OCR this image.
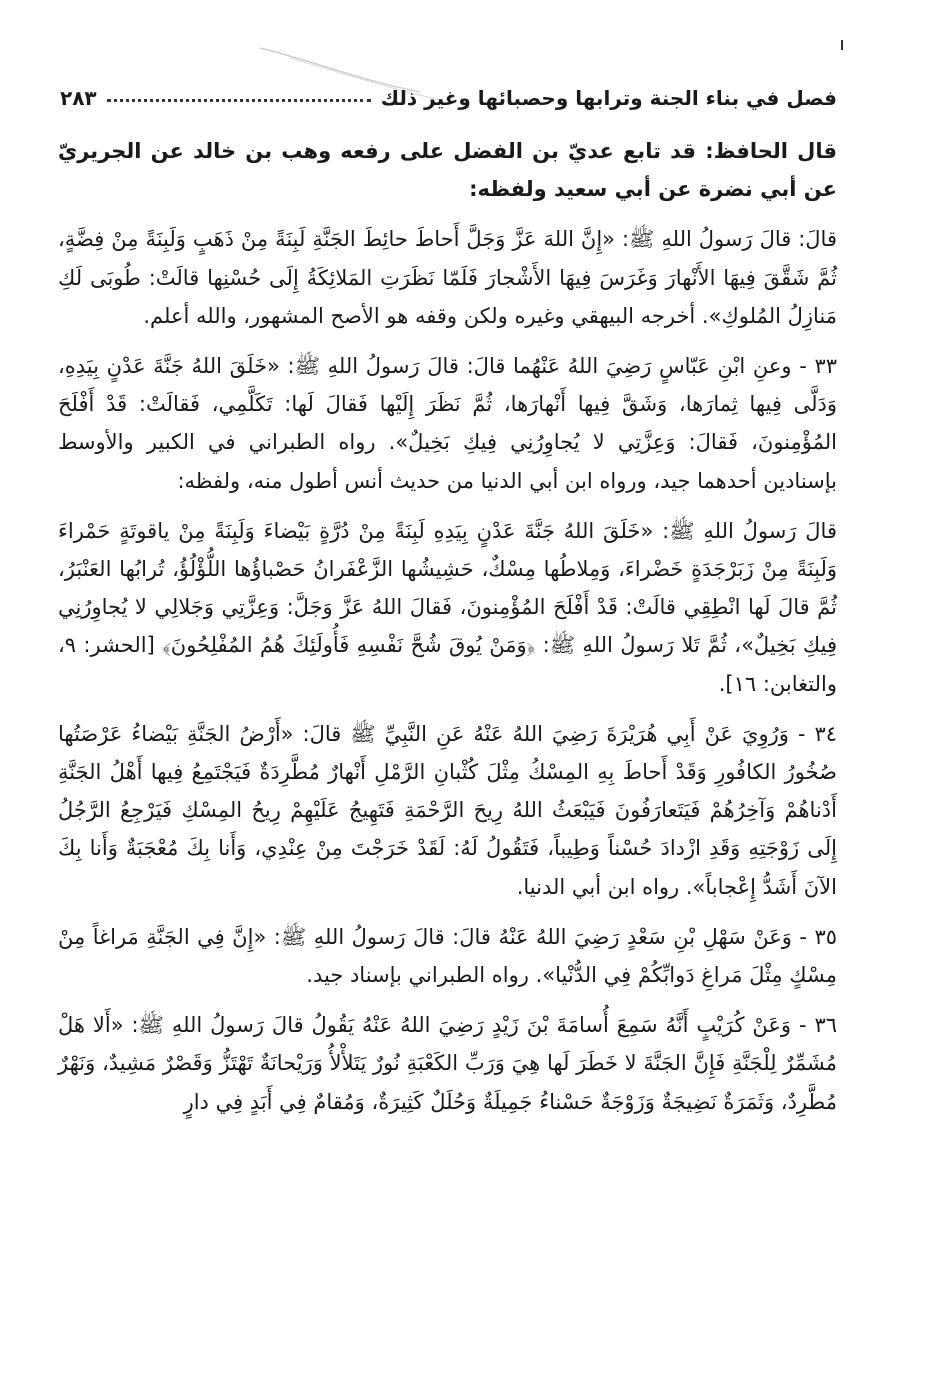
فصل في بناء الجنة وترابها وحصبائها وغير ذلك
٢٨٣

قال الحافظ: قد تابع عديّ بن الفضل على رفعه وهب بن خالد عن الجريريّ عن أبي نضرة عن أبي سعيد ولفظه:

قالَ: قالَ رَسولُ اللهِ ﷺ: «إِنَّ اللهَ عَزَّ وَجَلَّ أَحاطَ حائِطَ الجَنَّةِ لَبِنَةً مِنْ ذَهَبٍ وَلَبِنَةً مِنْ فِضَّةٍ، ثُمَّ شَقَّقَ فِيهَا الأَنْهارَ وَغَرَسَ فِيهَا الأَشْجارَ فَلَمّا نَظَرَتِ المَلائِكَةُ إِلَى حُسْنِها قالَتْ: طُوبَى لَكِ مَنازِلُ المُلوكِ». أخرجه البيهقي وغيره ولكن وقفه هو الأصح المشهور، والله أعلم.

٣٣ - وعنِ ابْنِ عَبّاسٍ رَضِيَ اللهُ عَنْهُما قالَ: قالَ رَسولُ اللهِ ﷺ: «خَلَقَ اللهُ جَنَّةَ عَدْنٍ بِيَدِهِ، وَدَلَّى فِيها ثِمارَها، وَشَقَّ فِيها أَنْهارَها، ثُمَّ نَظَرَ إِلَيْها فَقالَ لَها: تَكَلَّمِي، فَقالَتْ: قَدْ أَفْلَحَ المُؤْمِنونَ، فَقالَ: وَعِزَّتِي لا يُجاوِرُنِي فِيكِ بَخِيلٌ». رواه الطبراني في الكبير والأوسط بإسنادين أحدهما جيد، ورواه ابن أبي الدنيا من حديث أنس أطول منه، ولفظه:

قالَ رَسولُ اللهِ ﷺ: «خَلَقَ اللهُ جَنَّةَ عَدْنٍ بِيَدِهِ لَبِنَةً مِنْ دُرَّةٍ بَيْضاءَ وَلَبِنَةً مِنْ ياقوتَةٍ حَمْراءَ وَلَبِنَةً مِنْ زَبَرْجَدَةٍ خَضْراءَ، وَمِلاطُها مِسْكٌ، حَشِيشُها الزَّعْفَرانُ حَصْباؤُها اللُّؤْلُؤُ، تُرابُها العَنْبَرُ، ثُمَّ قالَ لَها انْطِقِي قالَتْ: قَدْ أَفْلَحَ المُؤْمِنونَ، فَقالَ اللهُ عَزَّ وَجَلَّ: وَعِزَّتِي وَجَلالِي لا يُجاوِرُنِي فِيكِ بَخِيلٌ»، ثُمَّ تَلا رَسولُ اللهِ ﷺ: ﴿وَمَنْ يُوقَ شُحَّ نَفْسِهِ فَأُولَئِكَ هُمُ المُفْلِحُونَ﴾ [الحشر: ٩، والتغابن: ١٦].

٣٤ - وَرُوِيَ عَنْ أَبِي هُرَيْرَةَ رَضِيَ اللهُ عَنْهُ عَنِ النَّبِيِّ ﷺ قالَ: «أَرْضُ الجَنَّةِ بَيْضاءُ عَرْصَتُها صُخُورُ الكافُورِ وَقَدْ أَحاطَ بِهِ المِسْكُ مِثْلَ كُثْبانِ الرَّمْلِ أَنْهارٌ مُطَّرِدَةٌ فَيَجْتَمِعُ فِيها أَهْلُ الجَنَّةِ أَدْناهُمْ وَآخِرُهُمْ فَيَتَعارَفُونَ فَيَبْعَثُ اللهُ رِيحَ الرَّحْمَةِ فَتَهِيجُ عَلَيْهِمْ رِيحُ المِسْكِ فَيَرْجِعُ الرَّجُلُ إِلَى زَوْجَتِهِ وَقَدِ ازْدادَ حُسْناً وَطِيباً، فَتَقُولُ لَهُ: لَقَدْ خَرَجْتَ مِنْ عِنْدِي، وَأَنا بِكَ مُعْجَبَةٌ وَأَنا بِكَ الآنَ أَشَدُّ إِعْجاباً». رواه ابن أبي الدنيا.

٣٥ - وَعَنْ سَهْلِ بْنِ سَعْدٍ رَضِيَ اللهُ عَنْهُ قالَ: قالَ رَسولُ اللهِ ﷺ: «إِنَّ فِي الجَنَّةِ مَراغاً مِنْ مِسْكٍ مِثْلَ مَراغِ دَوابِّكُمْ فِي الدُّنْيا». رواه الطبراني بإسناد جيد.

٣٦ - وَعَنْ كُرَيْبٍ أَنَّهُ سَمِعَ أُسامَةَ بْنَ زَيْدٍ رَضِيَ اللهُ عَنْهُ يَقُولُ قالَ رَسولُ اللهِ ﷺ: «أَلا هَلْ مُشَمِّرٌ لِلْجَنَّةِ فَإِنَّ الجَنَّةَ لا خَطَرَ لَها هِيَ وَرَبِّ الكَعْبَةِ نُورٌ يَتَلأْلأُ وَرَيْحانَةٌ تَهْتَزُّ وَقَصْرٌ مَشِيدٌ، وَنَهْرٌ مُطَّرِدٌ، وَثَمَرَةٌ نَضِيجَةٌ وَزَوْجَةٌ حَسْناءُ جَمِيلَةٌ وَحُلَلٌ كَثِيرَةٌ، وَمُقامٌ فِي أَبَدٍ فِي دارٍ
